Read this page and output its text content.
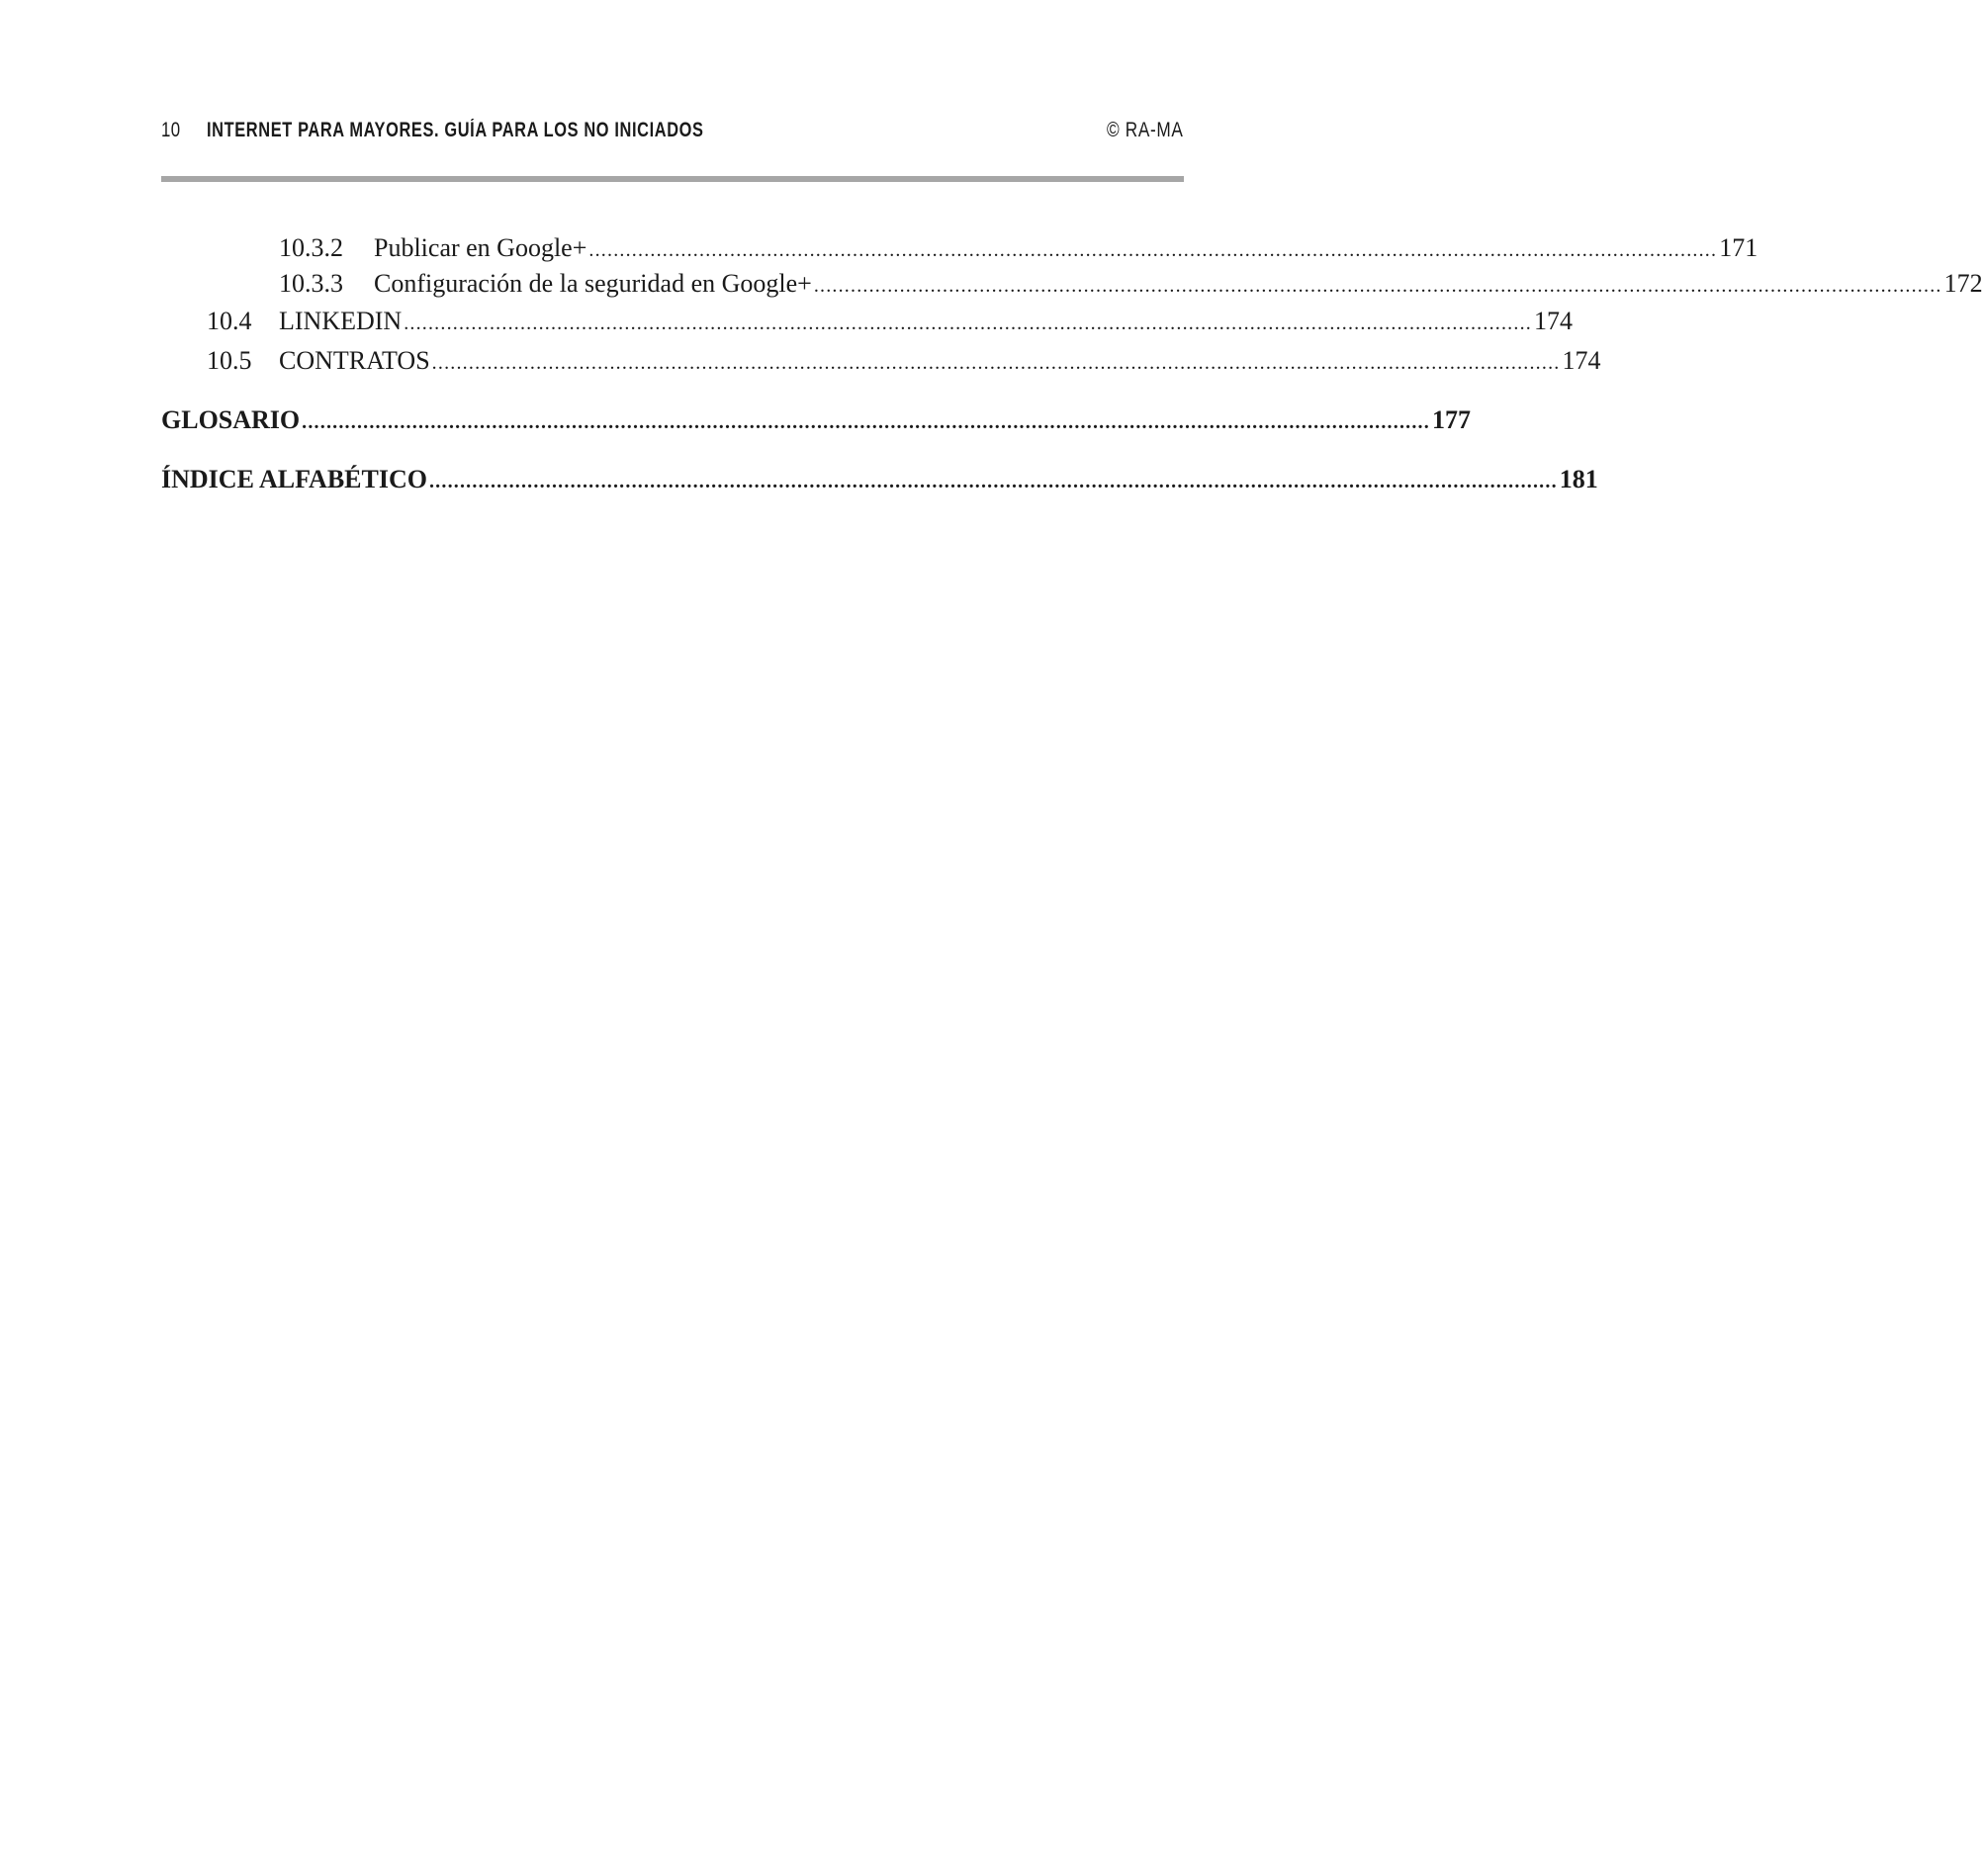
10 INTERNET PARA MAYORES. GUÍA PARA LOS NO INICIADOS	© RA-MA
10.3.2 Publicar en Google+ ........................................................................................................................................................................................ 171
10.3.3 Configuración de la seguridad en Google+ ........................................................................................................................................................................................ 172
10.4 LINKEDIN ........................................................................................................................................................................................ 174
10.5 CONTRATOS ........................................................................................................................................................................................ 174
GLOSARIO ........................................................................................................................................................................................ 177
ÍNDICE ALFABÉTICO ........................................................................................................................................................................................ 181
